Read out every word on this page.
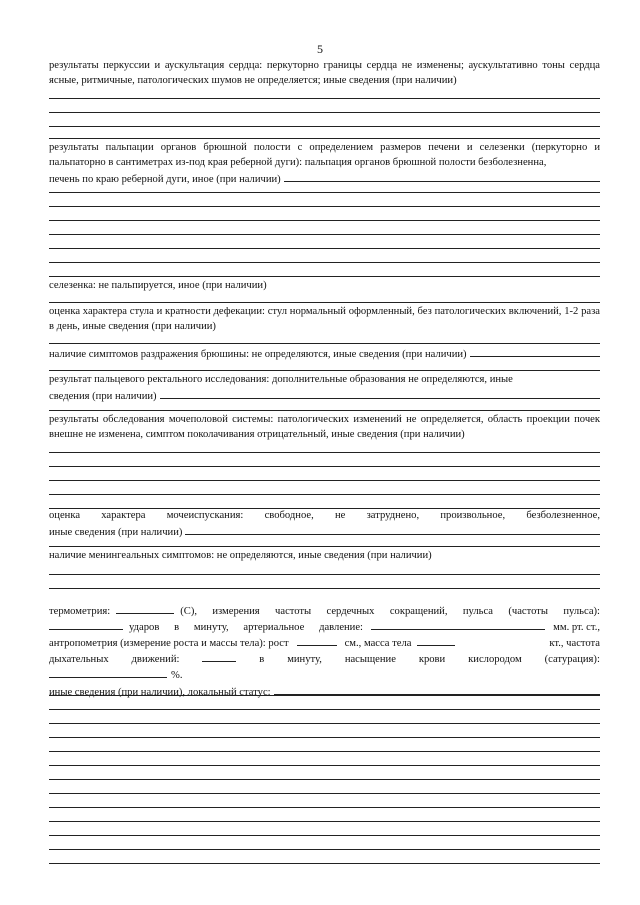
5
результаты перкуссии и аускультация сердца: перкуторно границы сердца не изменены; аускультативно тоны сердца ясные, ритмичные, патологических шумов не определяется; иные сведения (при наличии)
результаты пальпации органов брюшной полости с определением размеров печени и селезенки (перкуторно и пальпаторно в сантиметрах из-под края реберной дуги): пальпация органов брюшной полости безболезненна,
печень по краю реберной дуги, иное (при наличии)
селезенка: не пальпируется, иное (при наличии)
оценка характера стула и кратности дефекации: стул нормальный оформленный, без патологических включений, 1-2 раза в день, иные сведения (при наличии)
наличие симптомов раздражения брюшины: не определяются, иные сведения (при наличии)
результат пальцевого ректального исследования: дополнительные образования не определяются, иные
сведения (при наличии)
результаты обследования мочеполовой системы: патологических изменений не определяется, область проекции почек внешне не изменена, симптом поколачивания отрицательный, иные сведения (при наличии)
оценка характера мочеиспускания: свободное, не затруднено, произвольное, безболезненное,
иные сведения (при наличии)
наличие менингеальных симптомов: не определяются, иные сведения (при наличии)
термометрия:	(С), измерения частоты сердечных сокращений, пульса (частоты пульса):
ударов в минуту, артериальное давление:	мм. рт. ст.,
антропометрия (измерение роста и массы тела): рост	см., масса тела	кт., частота
дыхательных движений:	в минуту, насыщение крови кислородом (сатурация):
%.
иные сведения (при наличии), локальный статус:
